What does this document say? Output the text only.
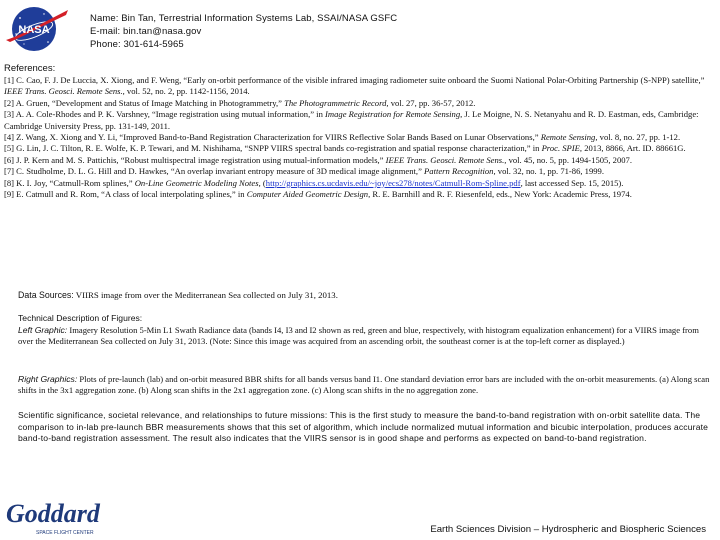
NASA
Name: Bin Tan, Terrestrial Information Systems Lab, SSAI/NASA GSFC
E-mail: bin.tan@nasa.gov
Phone: 301-614-5965
References:

[1] C. Cao, F. J. De Luccia, X. Xiong, and F. Weng, “Early on-orbit performance of the visible infrared imaging radiometer suite onboard the Suomi National Polar-Orbiting Partnership (S-NPP) satellite,” IEEE Trans. Geosci. Remote Sens., vol. 52, no. 2, pp. 1142-1156, 2014.

[2] A. Gruen, “Development and Status of Image Matching in Photogrammetry,” The Photogrammetric Record, vol. 27, pp. 36-57, 2012.

[3] A. A. Cole-Rhodes and P. K. Varshney, “Image registration using mutual information,” in Image Registration for Remote Sensing, J. Le Moigne, N. S. Netanyahu and R. D. Eastman, eds, Cambridge: Cambridge University Press, pp. 131-149, 2011.

[4] Z. Wang, X. Xiong and Y. Li, “Improved Band-to-Band Registration Characterization for VIIRS Reflective Solar Bands Based on Lunar Observations,” Remote Sensing, vol. 8, no. 27, pp. 1-12.

[5] G. Lin, J. C. Tilton, R. E. Wolfe, K. P. Tewari, and M. Nishihama, “SNPP VIIRS spectral bands co-registration and spatial response characterization,” in Proc. SPIE, 2013, 8866, Art. ID. 88661G.

[6] J. P. Kern and M. S. Pattichis, “Robust multispectral image registration using mutual-information models,” IEEE Trans. Geosci. Remote Sens., vol. 45, no. 5, pp. 1494-1505, 2007.

[7] C. Studholme, D. L. G. Hill and D. Hawkes, “An overlap invariant entropy measure of 3D medical image alignment,” Pattern Recognition, vol. 32, no. 1, pp. 71-86, 1999.

[8] K. I. Joy, “Catmull-Rom splines,” On-Line Geometric Modeling Notes, (http://graphics.cs.ucdavis.edu/~joy/ecs278/notes/Catmull-Rom-Spline.pdf, last accessed Sep. 15, 2015).

[9] E. Catmull and R. Rom, “A class of local interpolating splines,” in Computer Aided Geometric Design, R. E. Barnhill and R. F. Riesenfeld, eds., New York: Academic Press, 1974.

Data Sources: VIIRS image from over the Mediterranean Sea collected on July 31, 2013.

Technical Description of Figures:

Left Graphic: Imagery Resolution 5-Min L1 Swath Radiance data (bands I4, I3 and I2 shown as red, green and blue, respectively, with histogram equalization enhancement) for a VIIRS image from over the Mediterranean Sea collected on July 31, 2013. (Note: Since this image was acquired from an ascending orbit, the southeast corner is at the top-left corner as displayed.)

Right Graphics: Plots of pre-launch (lab) and on-orbit measured BBR shifts for all bands versus band I1. One standard deviation error bars are included with the on-orbit measurements. (a) Along scan shifts in the 3x1 aggregation zone. (b) Along scan shifts in the 2x1 aggregation zone. (c) Along scan shifts in the no aggregation zone.
Scientific significance, societal relevance, and relationships to future missions: This is the first study to measure the band-to-band registration with on-orbit satellite data. The comparison to in-lab pre-launch BBR measurements shows that this set of algorithm, which include normalized mutual information and bicubic interpolation, produces accurate band-to-band registration assessment. The result also indicates that the VIIRS sensor is in good shape and performs as expected on band-to-band registration.
Goddard
SPACE FLIGHT CENTER	Earth Sciences Division – Hydrospheric and Biospheric Sciences
